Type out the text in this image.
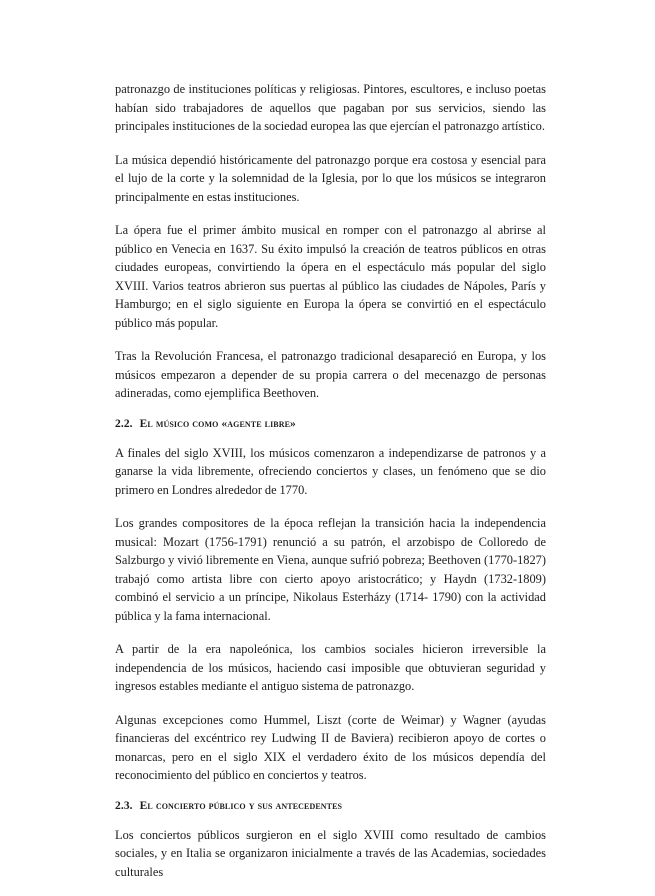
patronazgo de instituciones políticas y religiosas. Pintores, escultores, e incluso poetas habían sido trabajadores de aquellos que pagaban por sus servicios, siendo las principales instituciones de la sociedad europea las que ejercían el patronazgo artístico.

La música dependió históricamente del patronazgo porque era costosa y esencial para el lujo de la corte y la solemnidad de la Iglesia, por lo que los músicos se integraron principalmente en estas instituciones.

La ópera fue el primer ámbito musical en romper con el patronazgo al abrirse al público en Venecia en 1637. Su éxito impulsó la creación de teatros públicos en otras ciudades europeas, convirtiendo la ópera en el espectáculo más popular del siglo XVIII. Varios teatros abrieron sus puertas al público las ciudades de Nápoles, París y Hamburgo; en el siglo siguiente en Europa la ópera se convirtió en el espectáculo público más popular.

Tras la Revolución Francesa, el patronazgo tradicional desapareció en Europa, y los músicos empezaron a depender de su propia carrera o del mecenazgo de personas adineradas, como ejemplifica Beethoven.

2.2. El músico como «agente libre»

A finales del siglo XVIII, los músicos comenzaron a independizarse de patronos y a ganarse la vida libremente, ofreciendo conciertos y clases, un fenómeno que se dio primero en Londres alrededor de 1770.

Los grandes compositores de la época reflejan la transición hacia la independencia musical: Mozart (1756-1791) renunció a su patrón, el arzobispo de Colloredo de Salzburgo y vivió libremente en Viena, aunque sufrió pobreza; Beethoven (1770-1827) trabajó como artista libre con cierto apoyo aristocrático; y Haydn (1732-1809) combinó el servicio a un príncipe, Nikolaus Esterházy (1714- 1790) con la actividad pública y la fama internacional.

A partir de la era napoleónica, los cambios sociales hicieron irreversible la independencia de los músicos, haciendo casi imposible que obtuvieran seguridad y ingresos estables mediante el antiguo sistema de patronazgo.

Algunas excepciones como Hummel, Liszt (corte de Weimar) y Wagner (ayudas financieras del excéntrico rey Ludwing II de Baviera) recibieron apoyo de cortes o monarcas, pero en el siglo XIX el verdadero éxito de los músicos dependía del reconocimiento del público en conciertos y teatros.

2.3. El concierto público y sus antecedentes

Los conciertos públicos surgieron en el siglo XVIII como resultado de cambios sociales, y en Italia se organizaron inicialmente a través de las Academias, sociedades culturales
